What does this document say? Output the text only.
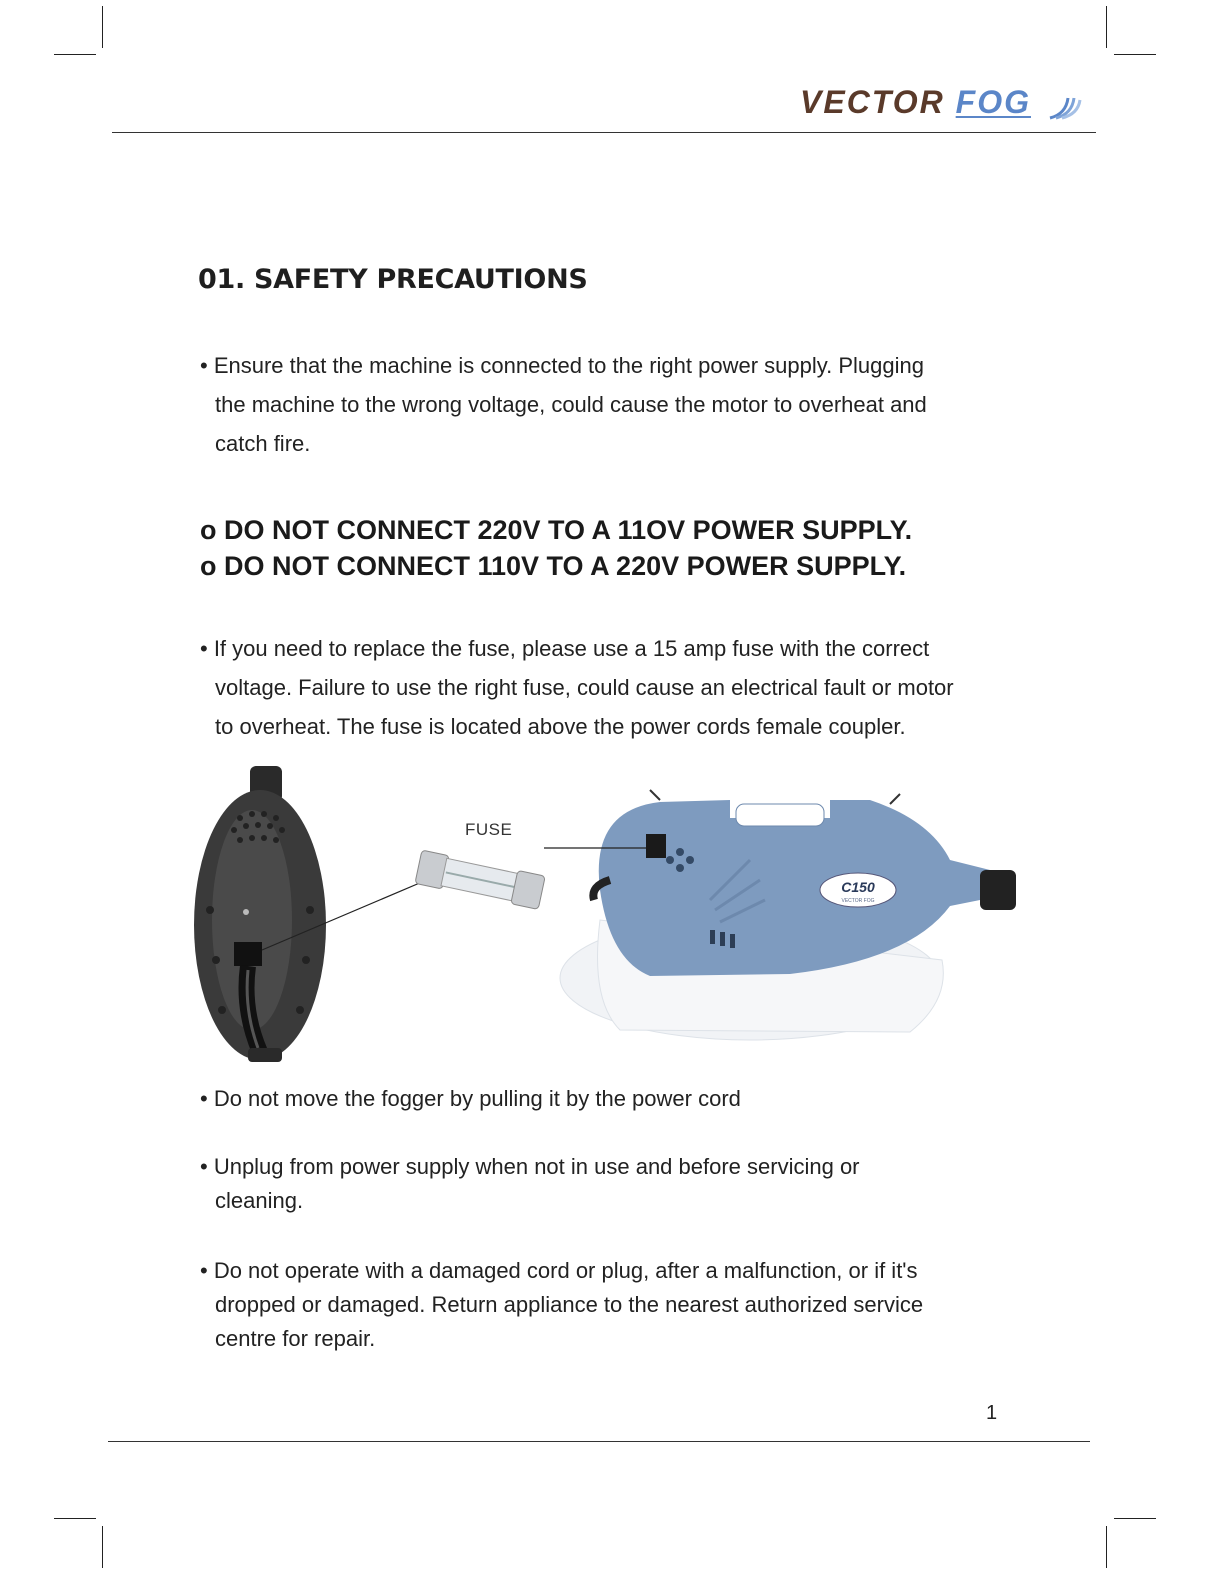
VECTOR FOG
01. SAFETY PRECAUTIONS
• Ensure that the machine is connected to the right power supply. Plugging
the machine to the wrong voltage, could cause the motor to overheat and
catch fire.
o DO NOT CONNECT 220V TO A 11OV POWER SUPPLY.
o DO NOT CONNECT 110V TO A 220V POWER SUPPLY.
• If you need to replace the fuse, please use a 15 amp fuse with the correct
voltage. Failure to use the right fuse, could cause an electrical fault or motor
to overheat. The fuse is located above the power cords female coupler.
C150
VECTOR FOG
FUSE
• Do not move the fogger by pulling it by the power cord
• Unplug from power supply when not in use and before servicing or
cleaning.
• Do not operate with a damaged cord or plug, after a malfunction, or if it's
dropped or damaged. Return appliance to the nearest authorized service
centre for repair.
1
